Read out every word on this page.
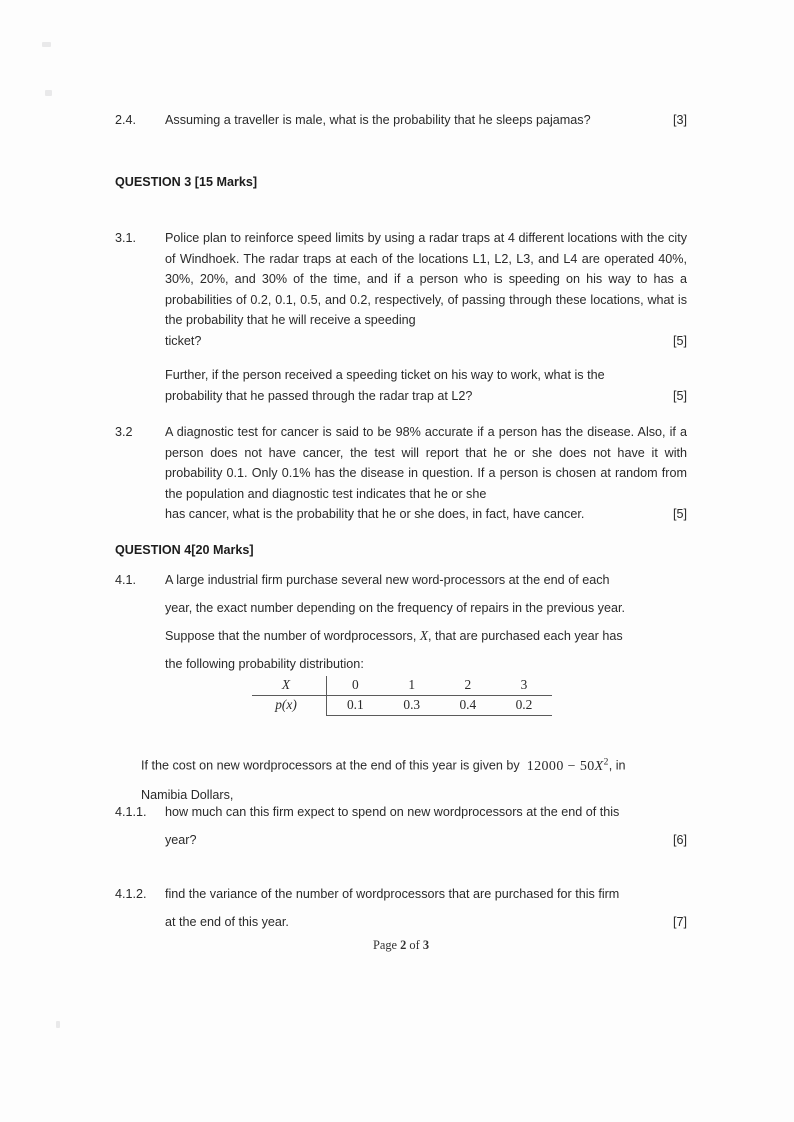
2.4.	Assuming a traveller is male, what is the probability that he sleeps pajamas?	[3]
QUESTION 3 [15 Marks]
3.1.	Police plan to reinforce speed limits by using a radar traps at 4 different locations with the city of Windhoek. The radar traps at each of the locations L1, L2, L3, and L4 are operated 40%, 30%, 20%, and 30% of the time, and if a person who is speeding on his way to has a probabilities of 0.2, 0.1, 0.5, and 0.2, respectively, of passing through these locations, what is the probability that he will receive a speeding
ticket?	[5]
Further, if the person received a speeding ticket on his way to work, what is the
probability that he passed through the radar trap at L2?	[5]
3.2	A diagnostic test for cancer is said to be 98% accurate if a person has the disease. Also, if a person does not have cancer, the test will report that he or she does not have it with probability 0.1. Only 0.1% has the disease in question. If a person is chosen at random from the population and diagnostic test indicates that he or she
has cancer, what is the probability that he or she does, in fact, have cancer.	[5]
QUESTION 4[20 Marks]
4.1.	A large industrial firm purchase several new word-processors at the end of each
year, the exact number depending on the frequency of repairs in the previous year.
Suppose that the number of wordprocessors, X, that are purchased each year has
the following probability distribution:
X	0	1	2	3
p(x)	0.1	0.3	0.4	0.2
If the cost on new wordprocessors at the end of this year is given by $12000 - 50X^2$, in
Namibia Dollars,
4.1.1.	how much can this firm expect to spend on new wordprocessors at the end of this
year?	[6]
4.1.2.	find the variance of the number of wordprocessors that are purchased for this firm
at the end of this year.	[7]
Page 2 of 3
